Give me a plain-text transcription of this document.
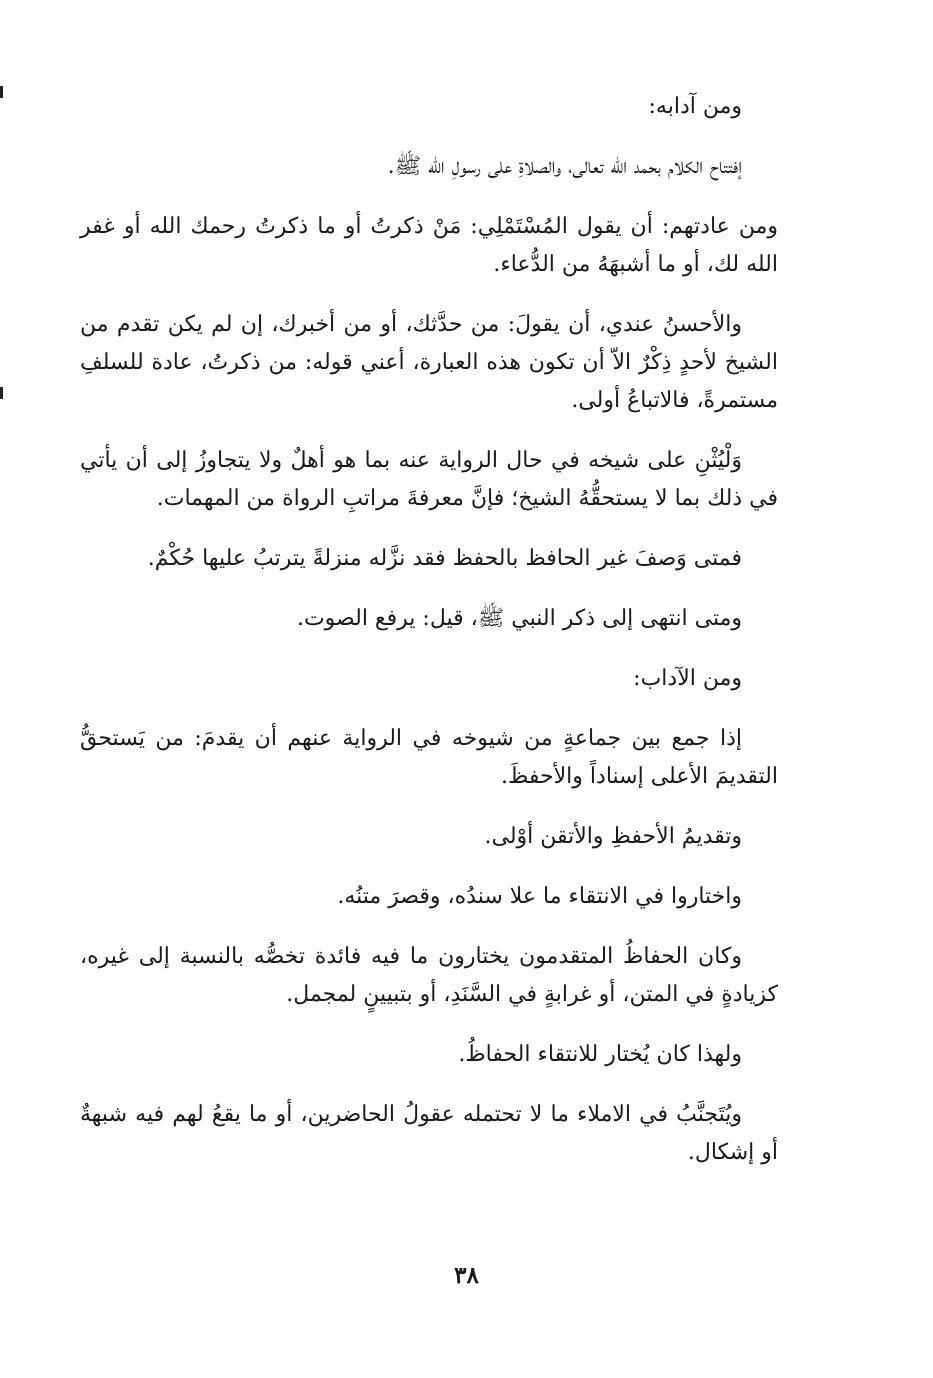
ومن آدابه:

إفتتاح الكلام بحمد الله تعالى، والصلاةِ على رسولِ الله ﷺ.

ومن عادتهم: أن يقول المُسْتَمْلِي: مَنْ ذكرتُ أو ما ذكرتُ رحمك الله أو غفر الله لك، أو ما أشبهَهُ من الدُّعاء.

والأحسنُ عندي، أن يقولَ: من حدَّثك، أو من أخبرك، إن لم يكن تقدم من الشيخ لأحدٍ ذِكْرٌ الاّ أن تكون هذه العبارة، أعني قوله: من ذكرتُ، عادة للسلفِ مستمرةً، فالاتباعُ أولى.

وَلْيُثْنِ على شيخه في حال الرواية عنه بما هو أهلٌ ولا يتجاوزُ إلى أن يأتي في ذلك بما لا يستحقُّهُ الشيخ؛ فإنَّ معرفةَ مراتبِ الرواة من المهمات.

فمتى وَصفَ غير الحافظ بالحفظ فقد نزَّله منزلةً يترتبُ عليها حُكْمٌ.

ومتى انتهى إلى ذكر النبي ﷺ، قيل: يرفع الصوت.

ومن الآداب:

إذا جمع بين جماعةٍ من شيوخه في الرواية عنهم أن يقدمَ: من يَستحقُّ التقديمَ الأعلى إسناداً والأحفظَ.

وتقديمُ الأحفظِ والأتقن أوْلى.

واختاروا في الانتقاء ما علا سندُه، وقصرَ متنُه.

وكان الحفاظُ المتقدمون يختارون ما فيه فائدة تخصُّه بالنسبة إلى غيره، كزيادةٍ في المتن، أو غرابةٍ في السَّنَدِ، أو بتبيينٍ لمجمل.

ولهذا كان يُختار للانتقاء الحفاظُ.

ويُتَجنَّبُ في الاملاء ما لا تحتمله عقولُ الحاضرين، أو ما يقعُ لهم فيه شبهةٌ أو إشكال.

٣٨
